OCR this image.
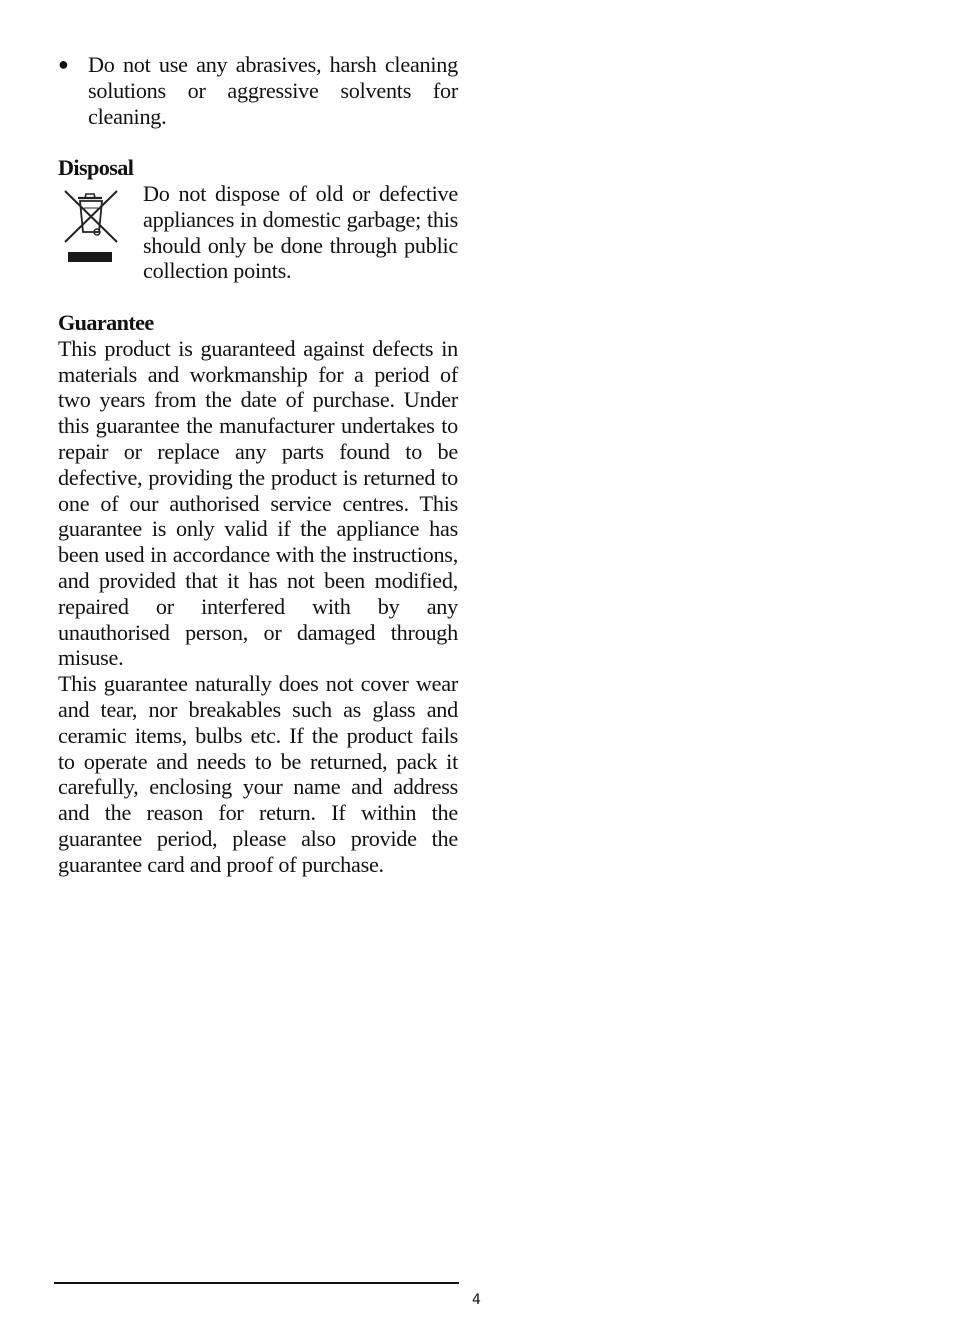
● Do not use any abrasives, harsh cleaning solutions or aggressive solvents for cleaning.
Disposal
Do not dispose of old or defective appliances in domestic garbage; this should only be done through public collection points.
Guarantee
This product is guaranteed against defects in materials and workmanship for a period of two years from the date of purchase. Under this guarantee the manufacturer undertakes to repair or replace any parts found to be defective, providing the product is returned to one of our authorised service centres. This guarantee is only valid if the appliance has been used in accordance with the instructions, and provided that it has not been modified, repaired or interfered with by any unauthorised person, or damaged through misuse.
This guarantee naturally does not cover wear and tear, nor breakables such as glass and ceramic items, bulbs etc. If the product fails to operate and needs to be returned, pack it carefully, enclosing your name and address and the reason for return. If within the guarantee period, please also provide the guarantee card and proof of purchase.
4
